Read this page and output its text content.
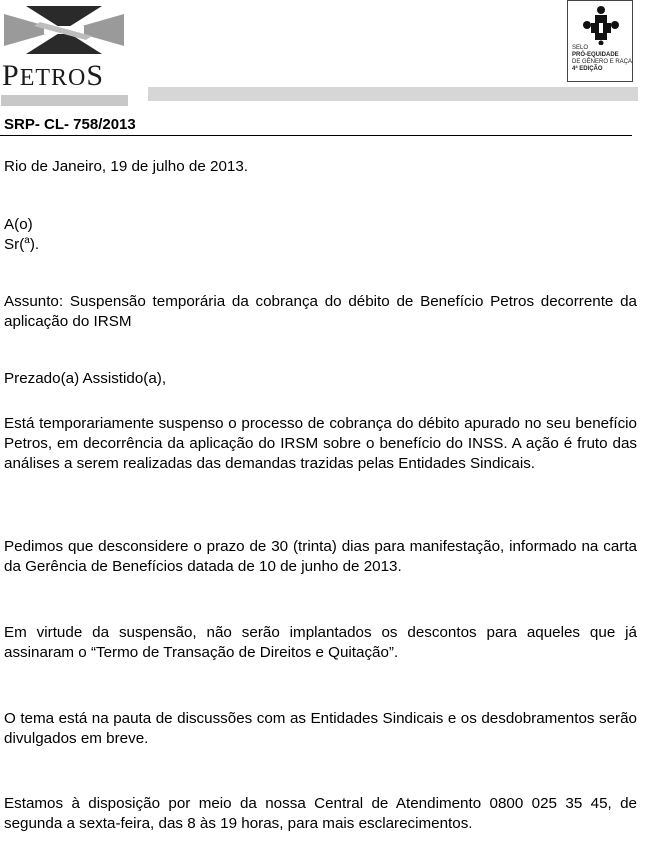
PETROS
SELO
PRÓ-EQUIDADE
DE GÊNERO E RAÇA
4ª EDIÇÃO
SRP- CL- 758/2013
Rio de Janeiro, 19 de julho de 2013.
A(o)
Sr($^a$).
Assunto: Suspensão temporária da cobrança do débito de Benefício Petros decorrente da aplicação do IRSM
Prezado(a) Assistido(a),
Está temporariamente suspenso o processo de cobrança do débito apurado no seu benefício Petros, em decorrência da aplicação do IRSM sobre o benefício do INSS. A ação é fruto das análises a serem realizadas das demandas trazidas pelas Entidades Sindicais.
Pedimos que desconsidere o prazo de 30 (trinta) dias para manifestação, informado na carta da Gerência de Benefícios datada de 10 de junho de 2013.
Em virtude da suspensão, não serão implantados os descontos para aqueles que já assinaram o “Termo de Transação de Direitos e Quitação”.
O tema está na pauta de discussões com as Entidades Sindicais e os desdobramentos serão divulgados em breve.
Estamos à disposição por meio da nossa Central de Atendimento 0800 025 35 45, de segunda a sexta-feira, das 8 às 19 horas, para mais esclarecimentos.
